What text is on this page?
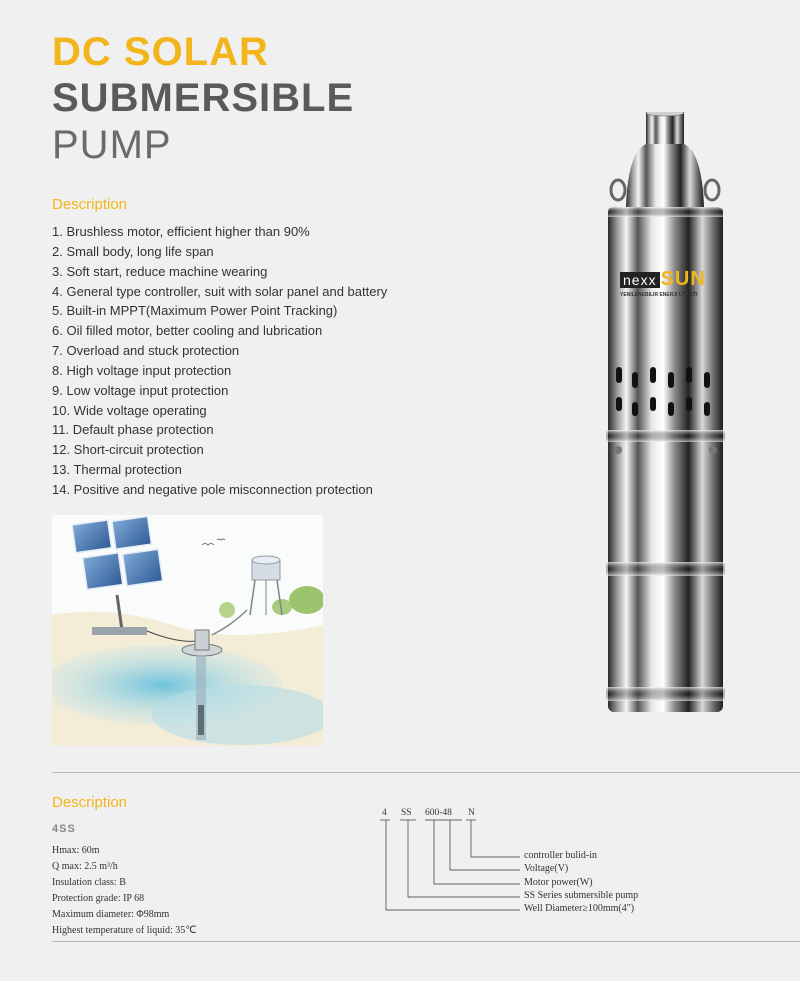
DC SOLAR
SUBMERSIBLE
PUMP
Description
1. Brushless motor, efficient higher than 90%
2. Small body, long life span
3. Soft start, reduce machine wearing
4. General type controller, suit with solar panel and battery
5. Built-in MPPT(Maximum Power Point Tracking)
6. Oil filled motor, better cooling and lubrication
7. Overload and stuck protection
8. High voltage input protection
9. Low voltage input protection
10. Wide voltage operating
11. Default phase protection
12. Short-circuit protection
13. Thermal protection
14. Positive and negative pole misconnection protection
nexx SUN
YENILENEBILIR ENERJI LTD.STI
Description
4SS
Hmax: 60m
Q max: 2.5 m³/h
Insulation class: B
Protection grade: IP 68
Maximum diameter: Φ98mm
Highest temperature of liquid: 35℃
4 SS 600-48 N
controller bulid-in
Voltage(V)
Motor power(W)
SS Series submersible pump
Well Diameter≥100mm(4")
